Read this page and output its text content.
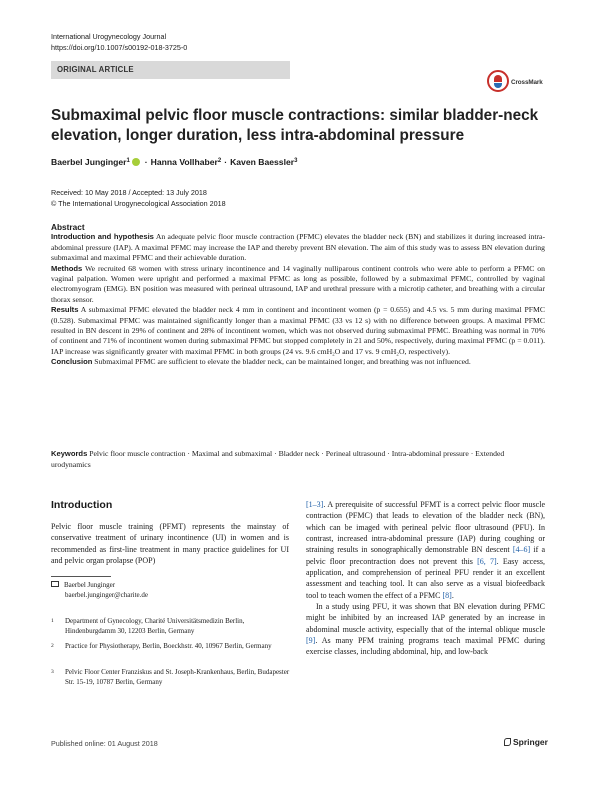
International Urogynecology Journal
https://doi.org/10.1007/s00192-018-3725-0
ORIGINAL ARTICLE
CrossMark
Submaximal pelvic floor muscle contractions: similar bladder-neck elevation, longer duration, less intra-abdominal pressure
Baerbel Junginger$^1$ · Hanna Vollhaber$^2$ · Kaven Baessler$^3$
Received: 10 May 2018 / Accepted: 13 July 2018
© The International Urogynecological Association 2018
Abstract

Introduction and hypothesis An adequate pelvic floor muscle contraction (PFMC) elevates the bladder neck (BN) and stabilizes it during increased intra-abdominal pressure (IAP). A maximal PFMC may increase the IAP and thereby prevent BN elevation. The aim of this study was to assess BN elevation during submaximal and maximal PFMC and their achievable duration.

Methods We recruited 68 women with stress urinary incontinence and 14 vaginally nulliparous continent controls who were able to perform a PFMC on vaginal palpation. Women were upright and performed a maximal PFMC as long as possible, followed by a submaximal PFMC, controlled by vaginal electromyogram (EMG). BN position was measured with perineal ultrasound, IAP and urethral pressure with a microtip catheter, and breathing with a circular thorax sensor.

Results A submaximal PFMC elevated the bladder neck 4 mm in continent and incontinent women (p = 0.655) and 4.5 vs. 5 mm during maximal PFMC (0.528). Submaximal PFMC was maintained significantly longer than a maximal PFMC (33 vs 12 s) with no difference between groups. A maximal PFMC resulted in BN descent in 29% of continent and 28% of incontinent women, which was not observed during submaximal PFMC. Breathing was normal in 70% of continent and 71% of incontinent women during submaximal PFMC but stopped completely in 21 and 50%, respectively, during maximal PFMC (p = 0.011). IAP increase was significantly greater with maximal PFMC in both groups (24 vs. 9.6 cmH₂O and 17 vs. 9 cmH₂O, respectively).

Conclusion Submaximal PFMC are sufficient to elevate the bladder neck, can be maintained longer, and breathing was not influenced.

Keywords Pelvic floor muscle contraction · Maximal and submaximal · Bladder neck · Perineal ultrasound · Intra-abdominal pressure · Extended urodynamics
Introduction

Pelvic floor muscle training (PFMT) represents the mainstay of conservative treatment of urinary incontinence (UI) in women and is recommended as first-line treatment in many practice guidelines for UI and pelvic organ prolapse (POP)

[1–3]. A prerequisite of successful PFMT is a correct pelvic floor muscle contraction (PFMC) that leads to elevation of the bladder neck (BN), which can be imaged with perineal pelvic floor ultrasound (PFU). In contrast, increased intra-abdominal pressure (IAP) during coughing or straining results in sonographically demonstrable BN descent [4–6] if a pelvic floor precontraction does not prevent this [6, 7]. Easy access, application, and comprehension of perineal PFU render it an excellent assessment and teaching tool. It can also serve as a visual biofeedback tool to teach women the effect of a PFMC [8].

In a study using PFU, it was shown that BN elevation during PFMC might be inhibited by an increased IAP generated by an increase in abdominal muscle activity, especially that of the internal oblique muscle [9]. As many PFM training programs teach maximal PFMC during exercise classes, including abdominal, hip, and low-back

Baerbel Junginger
baerbel.junginger@charite.de
1 Department of Gynecology, Charité Universitätsmedizin Berlin, Hindenburgdamm 30, 12203 Berlin, Germany
2 Practice for Physiotherapy, Berlin, Boeckhstr. 40, 10967 Berlin, Germany
3 Pelvic Floor Center Franziskus and St. Joseph-Krankenhaus, Berlin, Budapester Str. 15-19, 10787 Berlin, Germany
Published online: 01 August 2018	Springer
